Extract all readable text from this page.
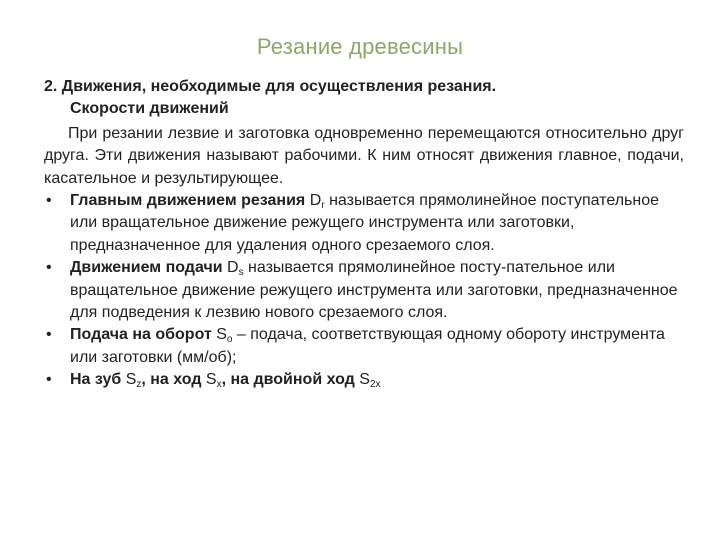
Резание древесины

2. Движения, необходимые для осуществления резания.
Скорости движений

При резании лезвие и заготовка одновременно перемещаются относительно друг друга. Эти движения называют рабочими. К ним относят движения главное, подачи, касательное и результирующее.

• Главным движением резания $D_r$ называется прямолинейное поступательное или вращательное движение режущего инструмента или заготовки, предназначенное для удаления одного срезаемого слоя.
• Движением подачи $D_s$ называется прямолинейное посту-пательное или вращательное движение режущего инструмента или заготовки, предназначенное для подведения к лезвию нового срезаемого слоя.
• Подача на оборот $S_o$ – подача, соответствующая одному обороту инструмента или заготовки (мм/об);
• На зуб $S_z$, на ход $S_x$, на двойной ход $S_{2x}$
